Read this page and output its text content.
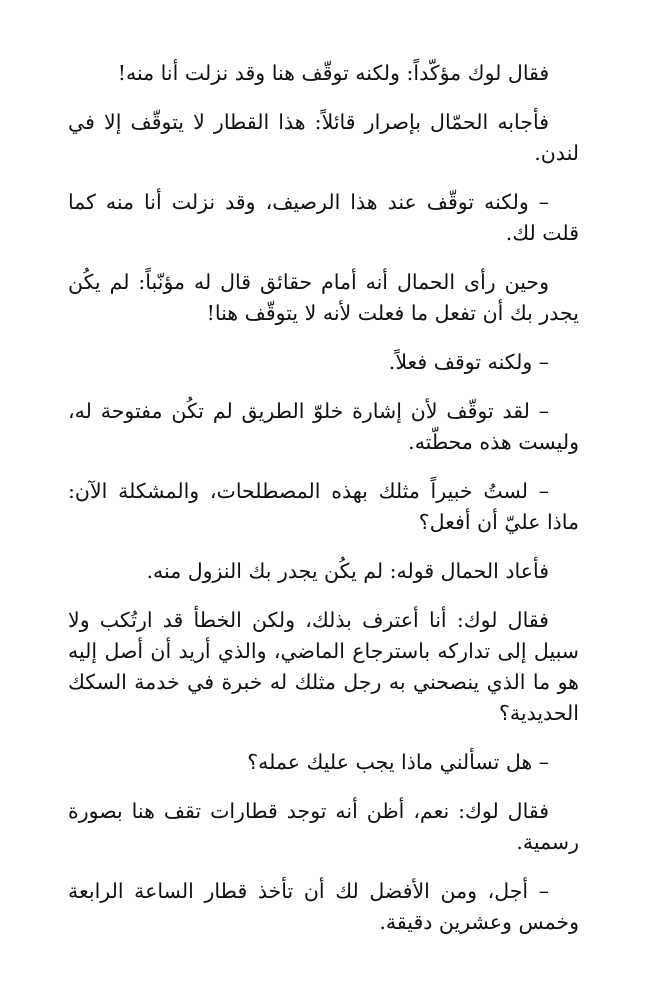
فقال لوك مؤكّداً: ولكنه توقّف هنا وقد نزلت أنا منه!

فأجابه الحمّال بإصرار قائلاً: هذا القطار لا يتوقّف إلا في لندن.

– ولكنه توقّف عند هذا الرصيف، وقد نزلت أنا منه كما قلت لك.

وحين رأى الحمال أنه أمام حقائق قال له مؤنّباً: لم يكُن يجدر بك أن تفعل ما فعلت لأنه لا يتوقّف هنا!

– ولكنه توقف فعلاً.

– لقد توقّف لأن إشارة خلوّ الطريق لم تكُن مفتوحة له، وليست هذه محطّته.

– لستُ خبيراً مثلك بهذه المصطلحات، والمشكلة الآن: ماذا عليّ أن أفعل؟

فأعاد الحمال قوله: لم يكُن يجدر بك النزول منه.

فقال لوك: أنا أعترف بذلك، ولكن الخطأ قد ارتُكب ولا سبيل إلى تداركه باسترجاع الماضي، والذي أريد أن أصل إليه هو ما الذي ينصحني به رجل مثلك له خبرة في خدمة السكك الحديدية؟

– هل تسألني ماذا يجب عليك عمله؟

فقال لوك: نعم، أظن أنه توجد قطارات تقف هنا بصورة رسمية.

– أجل، ومن الأفضل لك أن تأخذ قطار الساعة الرابعة وخمس وعشرين دقيقة.
